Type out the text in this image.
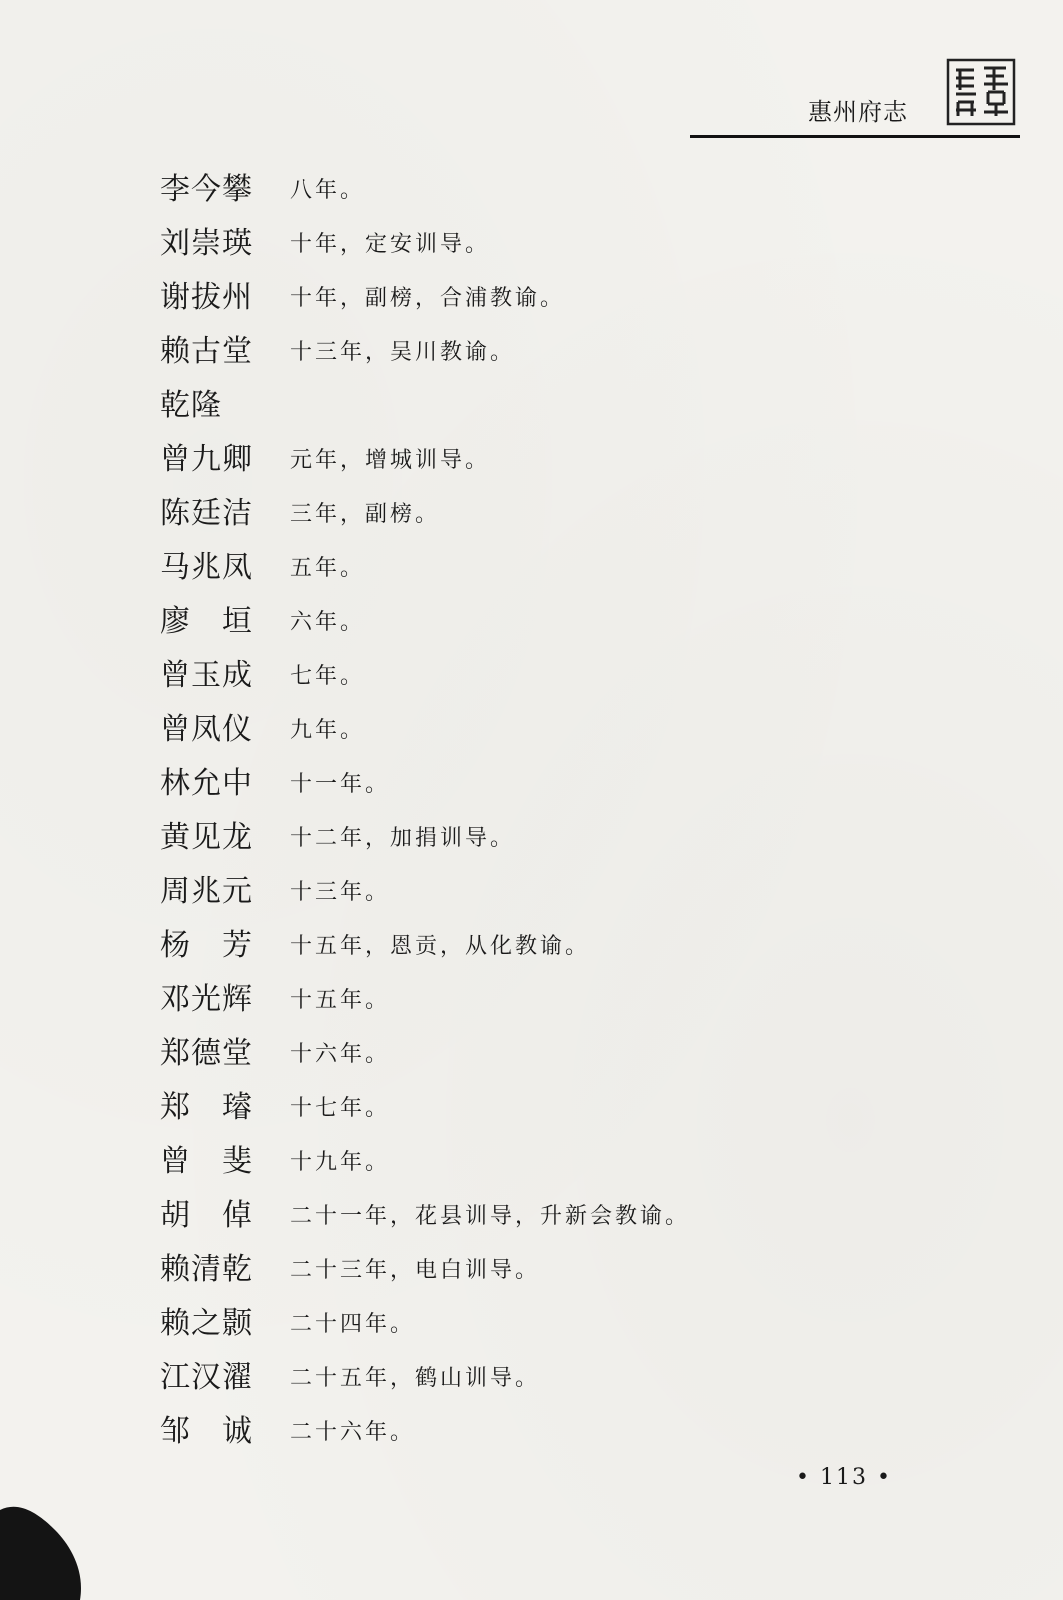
惠州府志
李今攀	八年。
刘崇瑛	十年，定安训导。
谢拔州	十年，副榜，合浦教谕。
赖古堂	十三年，吴川教谕。
乾隆
曾九卿	元年，增城训导。
陈廷洁	三年，副榜。
马兆凤	五年。
廖　垣	六年。
曾玉成	七年。
曾凤仪	九年。
林允中	十一年。
黄见龙	十二年，加捐训导。
周兆元	十三年。
杨　芳	十五年，恩贡，从化教谕。
邓光辉	十五年。
郑德堂	十六年。
郑　璿	十七年。
曾　斐	十九年。
胡　倬	二十一年，花县训导，升新会教谕。
赖清乾	二十三年，电白训导。
赖之颢	二十四年。
江汉濯	二十五年，鹤山训导。
邹　诚	二十六年。
• 113 •
